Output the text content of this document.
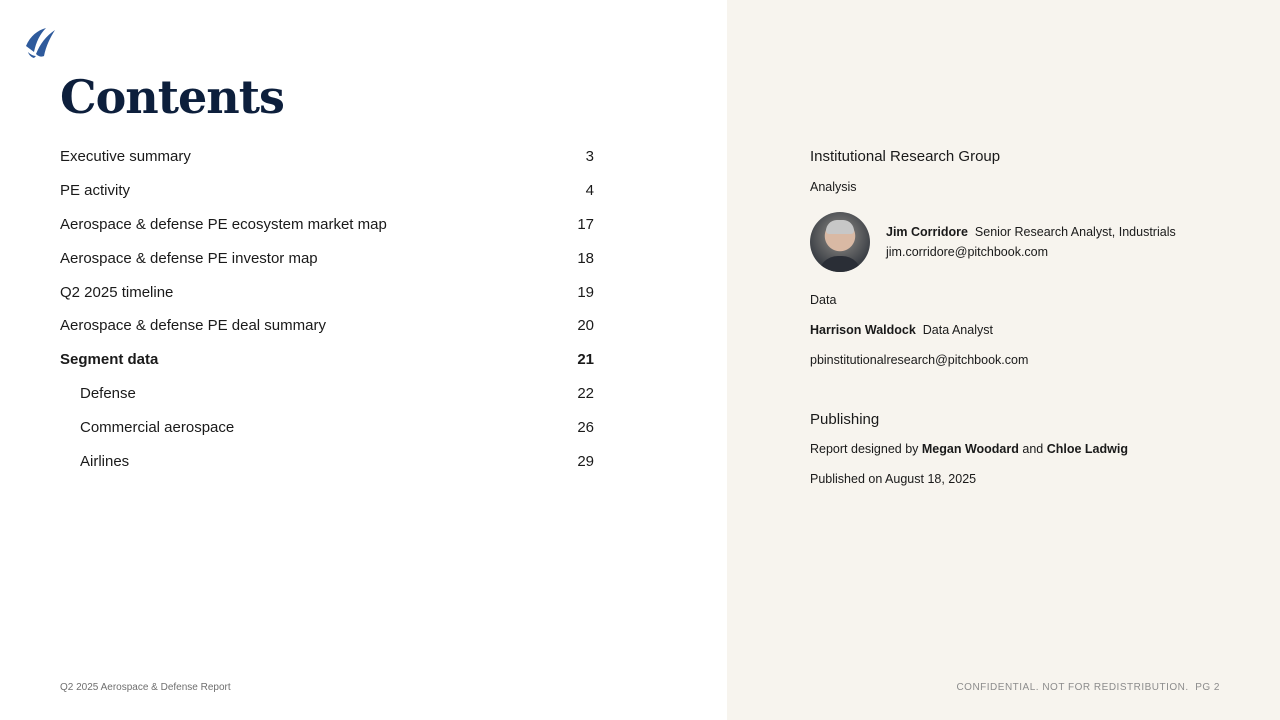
Contents
Executive summary	3
PE activity	4
Aerospace & defense PE ecosystem market map	17
Aerospace & defense PE investor map	18
Q2 2025 timeline	19
Aerospace & defense PE deal summary	20
Segment data	21
Defense	22
Commercial aerospace	26
Airlines	29
Institutional Research Group
Analysis
Jim Corridore Senior Research Analyst, Industrials
jim.corridore@pitchbook.com
Data
Harrison Waldock Data Analyst
pbinstitutionalresearch@pitchbook.com
Publishing
Report designed by Megan Woodard and Chloe Ladwig
Published on August 18, 2025
Q2 2025 Aerospace & Defense Report	CONFIDENTIAL. NOT FOR REDISTRIBUTION.  PG 2
